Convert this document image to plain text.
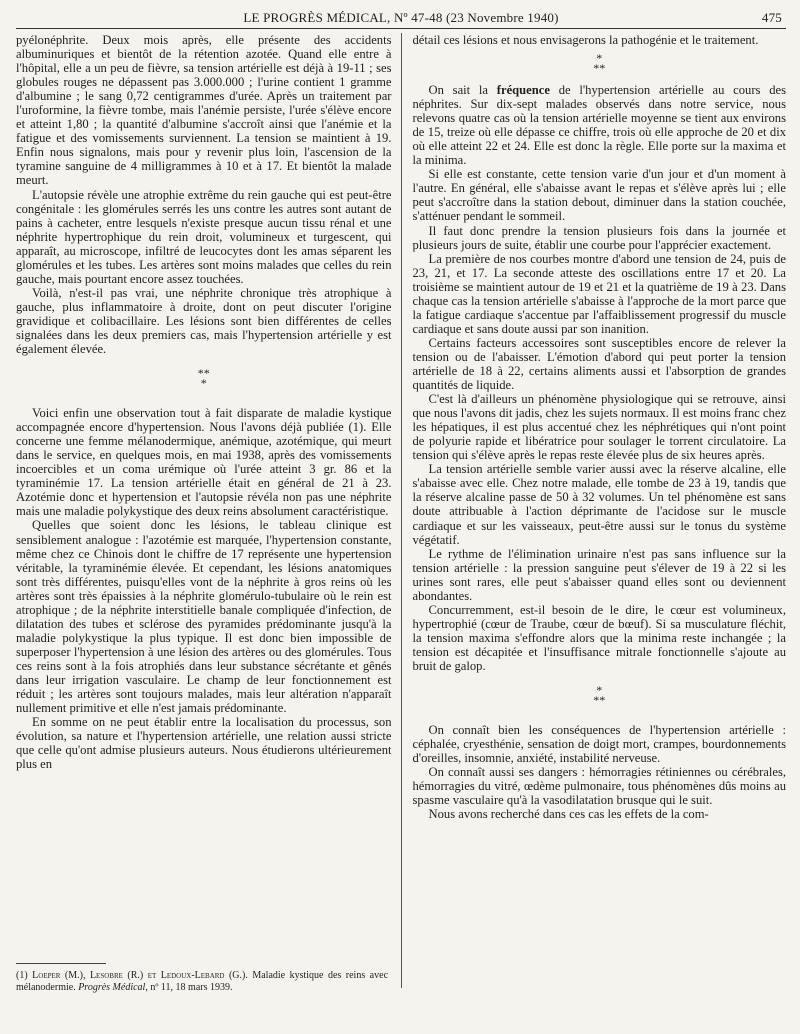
LE PROGRÈS MÉDICAL, Nº 47-48 (23 Novembre 1940)	475

pyélonéphrite. Deux mois après, elle présente des accidents albuminuriques et bientôt de la rétention azotée. Quand elle entre à l'hôpital, elle a un peu de fièvre, sa tension artérielle est déjà à 19-11 ; ses globules rouges ne dépassent pas 3.000.000 ; l'urine contient 1 gramme d'albumine ; le sang 0,72 centigrammes d'urée. Après un traitement par l'uroformine, la fièvre tombe, mais l'anémie persiste, l'urée s'élève encore et atteint 1,80 ; la quantité d'albumine s'accroît ainsi que l'anémie et la fatigue et des vomissements surviennent. La tension se maintient à 19. Enfin nous signalons, mais pour y revenir plus loin, l'ascension de la tyramine sanguine de 4 milligrammes à 10 et à 17. Et bientôt la malade meurt.

L'autopsie révèle une atrophie extrême du rein gauche qui est peut-être congénitale : les glomérules serrés les uns contre les autres sont autant de pains à cacheter, entre lesquels n'existe presque aucun tissu rénal et une néphrite hypertrophique du rein droit, volumineux et turgescent, qui apparaît, au microscope, infiltré de leucocytes dont les amas séparent les glomérules et les tubes. Les artères sont moins malades que celles du rein gauche, mais pourtant encore assez touchées.

Voilà, n'est-il pas vrai, une néphrite chronique très atrophique à gauche, plus inflammatoire à droite, dont on peut discuter l'origine gravidique et colibacillaire. Les lésions sont bien différentes de celles signalées dans les deux premiers cas, mais l'hypertension artérielle y est également élevée.

**
*

Voici enfin une observation tout à fait disparate de maladie kystique accompagnée encore d'hypertension. Nous l'avons déjà publiée (1). Elle concerne une femme mélanodermique, anémique, azotémique, qui meurt dans le service, en quelques mois, en mai 1938, après des vomissements incoercibles et un coma urémique où l'urée atteint 3 gr. 86 et la tyraminémie 17. La tension artérielle était en général de 21 à 23. Azotémie donc et hypertension et l'autopsie révéla non pas une néphrite mais une maladie polykystique des deux reins absolument caractéristique.

Quelles que soient donc les lésions, le tableau clinique est sensiblement analogue : l'azotémie est marquée, l'hypertension constante, même chez ce Chinois dont le chiffre de 17 représente une hypertension véritable, la tyraminémie élevée. Et cependant, les lésions anatomiques sont très différentes, puisqu'elles vont de la néphrite à gros reins où les artères sont très épaissies à la néphrite glomérulo-tubulaire où le rein est atrophique ; de la néphrite interstitielle banale compliquée d'infection, de dilatation des tubes et sclérose des pyramides prédominante jusqu'à la maladie polykystique la plus typique. Il est donc bien impossible de superposer l'hypertension à une lésion des artères ou des glomérules. Tous ces reins sont à la fois atrophiés dans leur substance sécrétante et gênés dans leur irrigation vasculaire. Le champ de leur fonctionnement est réduit ; les artères sont toujours malades, mais leur altération n'apparaît nullement primitive et elle n'est jamais prédominante.

En somme on ne peut établir entre la localisation du processus, son évolution, sa nature et l'hypertension artérielle, une relation aussi stricte que celle qu'ont admise plusieurs auteurs. Nous étudierons ultérieurement plus en

détail ces lésions et nous envisagerons la pathogénie et le traitement.

*
**

On sait la fréquence de l'hypertension artérielle au cours des néphrites. Sur dix-sept malades observés dans notre service, nous relevons quatre cas où la tension artérielle moyenne se tient aux environs de 15, treize où elle dépasse ce chiffre, trois où elle approche de 20 et dix où elle atteint 22 et 24. Elle est donc la règle. Elle porte sur la maxima et la minima.

Si elle est constante, cette tension varie d'un jour et d'un moment à l'autre. En général, elle s'abaisse avant le repas et s'élève après lui ; elle peut s'accroître dans la station debout, diminuer dans la station couchée, s'atténuer pendant le sommeil.

Il faut donc prendre la tension plusieurs fois dans la journée et plusieurs jours de suite, établir une courbe pour l'apprécier exactement.

La première de nos courbes montre d'abord une tension de 24, puis de 23, 21, et 17. La seconde atteste des oscillations entre 17 et 20. La troisième se maintient autour de 19 et 21 et la quatrième de 19 à 23. Dans chaque cas la tension artérielle s'abaisse à l'approche de la mort parce que la fatigue cardiaque s'accentue par l'affaiblissement progressif du muscle cardiaque et sans doute aussi par son inanition.

Certains facteurs accessoires sont susceptibles encore de relever la tension ou de l'abaisser. L'émotion d'abord qui peut porter la tension artérielle de 18 à 22, certains aliments aussi et l'absorption de grandes quantités de liquide.

C'est là d'ailleurs un phénomène physiologique qui se retrouve, ainsi que nous l'avons dit jadis, chez les sujets normaux. Il est moins franc chez les hépatiques, il est plus accentué chez les néphrétiques qui n'ont point de polyurie rapide et libératrice pour soulager le torrent circulatoire. La tension qui s'élève après le repas reste élevée plus de six heures après.

La tension artérielle semble varier aussi avec la réserve alcaline, elle s'abaisse avec elle. Chez notre malade, elle tombe de 23 à 19, tandis que la réserve alcaline passe de 50 à 32 volumes. Un tel phénomène est sans doute attribuable à l'action déprimante de l'acidose sur le muscle cardiaque et sur les vaisseaux, peut-être aussi sur le tonus du système végétatif.

Le rythme de l'élimination urinaire n'est pas sans influence sur la tension artérielle : la pression sanguine peut s'élever de 19 à 22 si les urines sont rares, elle peut s'abaisser quand elles sont ou deviennent abondantes.

Concurremment, est-il besoin de le dire, le cœur est volumineux, hypertrophié (cœur de Traube, cœur de bœuf). Si sa musculature fléchit, la tension maxima s'effondre alors que la minima reste inchangée ; la tension est décapitée et l'insuffisance mitrale fonctionnelle s'ajoute au bruit de galop.

*
**

On connaît bien les conséquences de l'hypertension artérielle : céphalée, cryesthénie, sensation de doigt mort, crampes, bourdonnements d'oreilles, insomnie, anxiété, instabilité nerveuse.

On connaît aussi ses dangers : hémorragies rétiniennes ou cérébrales, hémorragies du vitré, œdème pulmonaire, tous phénomènes dûs moins au spasme vasculaire qu'à la vasodilatation brusque qui le suit.

Nous avons recherché dans ces cas les effets de la com-

(1) Loeper (M.), Lesobre (R.) et Ledoux-Lebard (G.). Maladie kystique des reins avec mélanodermie. Progrès Médical, nº 11, 18 mars 1939.
